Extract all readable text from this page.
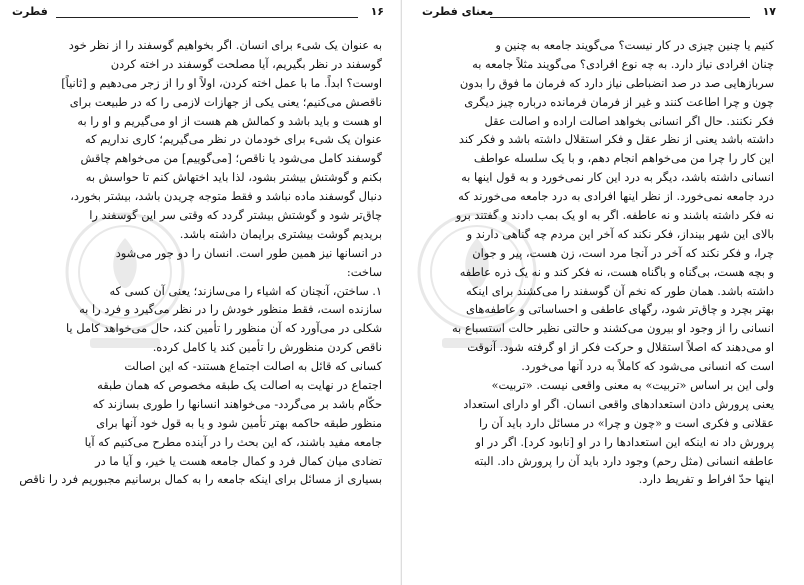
۱۶
فطرت
به عنوان یک شیء برای انسان. اگر بخواهیم گوسفند را از نظر خود
گوسفند در نظر بگیریم، آیا مصلحت گوسفند در اخته کردن
اوست؟ ابداً. ما با عمل اخته کردن، اولاً او را از زجر می‌دهیم و [ثانیاً]
ناقصش می‌کنیم؛ یعنی یکی از جهازات لازمی را که در طبیعت برای
او هست و باید باشد و کمالش هم هست از او می‌گیریم و او را به
عنوان یک شیء برای خودمان در نظر می‌گیریم؛ کاری نداریم که
گوسفند کامل می‌شود یا ناقص؛ [می‌گوییم] من می‌خواهم چاقش
بکنم و گوشتش بیشتر بشود، لذا باید اختهاش کنم تا حواسش به
دنبال گوسفند ماده نباشد و فقط متوجه چریدن باشد، بیشتر بخورد،
چاق‌تر شود و گوشتش بیشتر گردد که وقتی سر این گوسفند را
بریدیم گوشت بیشتری برایمان داشته باشد.
در انسانها نیز همین طور است. انسان را دو جور می‌شود
ساخت:
۱. ساختن، آنچنان که اشیاء را می‌سازند؛ یعنی آن کسی که
سازنده است، فقط منظور خودش را در نظر می‌گیرد و فرد را به
شکلی در می‌آورد که آن منظور را تأمین کند، حال می‌خواهد کامل یا
ناقص کردن منظورش را تأمین کند یا کامل کرده.
کسانی که قائل به اصالت اجتماع هستند- که این اصالت
اجتماع در نهایت به اصالت یک طبقه مخصوص که همان طبقه
حکّام باشد بر می‌گردد- می‌خواهند انسانها را طوری بسازند که
منظور طبقه حاکمه بهتر تأمین شود و یا به قول خود آنها برای
جامعه مفید باشند، که این بحث را در آینده مطرح می‌کنیم که آیا
تضادی میان کمال فرد و کمال جامعه هست یا خیر، و آیا ما در
بسیاری از مسائل برای اینکه جامعه را به کمال برسانیم مجبوریم فرد را ناقص
۱۷
معنای فطرت
کنیم یا چنین چیزی در کار نیست؟ می‌گویند جامعه به چنین و
چنان افرادی نیاز دارد. به چه نوع افرادی؟ می‌گویند مثلاً جامعه به
سربازهایی صد در صد انضباطی نیاز دارد که فرمان ما فوق را بدون
چون و چرا اطاعت کنند و غیر از فرمان فرمانده درباره چیز دیگری
فکر نکنند. حال اگر انسانی بخواهد اصالت اراده و اصالت عقل
داشته باشد یعنی از نظر عقل و فکر استقلال داشته باشد و فکر کند
این کار را چرا من می‌خواهم انجام دهم، و با یک سلسله عواطف
انسانی داشته باشد، دیگر به درد این کار نمی‌خورد و به قول اینها به
درد جامعه نمی‌خورد. از نظر اینها افرادی به درد جامعه می‌خورند که
نه فکر داشته باشند و نه عاطفه. اگر به او یک بمب دادند و گفتند برو
بالای این شهر بینداز، فکر نکند که آخر این مردم چه گناهی دارند و
چرا، و فکر نکند که آخر در آنجا مرد است، زن هست، پیر و جوان
و بچه هست، بی‌گناه و باگناه هست، نه فکر کند و نه یک ذره عاطفه
داشته باشد. همان طور که نخم آن گوسفند را می‌کشند برای اینکه
بهتر بچرد و چاق‌تر شود، رگهای عاطفی و احساساتی و عاطفه‌های
انسانی را از وجود او بیرون می‌کشند و حالتی نظیر حالت استسباع به
او می‌دهند که اصلاً استقلال و حرکت فکر از او گرفته شود. آنوقت
است که انسانی می‌شود که کاملاً به درد آنها می‌خورد.
ولی این بر اساس «تربیت» به معنی واقعی نیست. «تربیت»
یعنی پرورش دادن استعدادهای واقعی انسان. اگر او دارای استعداد
عقلانی و فکری است و «چون و چرا» در مسائل دارد باید آن را
پرورش داد نه اینکه این استعدادها را در او [نابود کرد]. اگر در او
عاطفه انسانی (مثل رحم) وجود دارد باید آن را پرورش داد. البته
اینها حدّ افراط و تفریط دارد.
